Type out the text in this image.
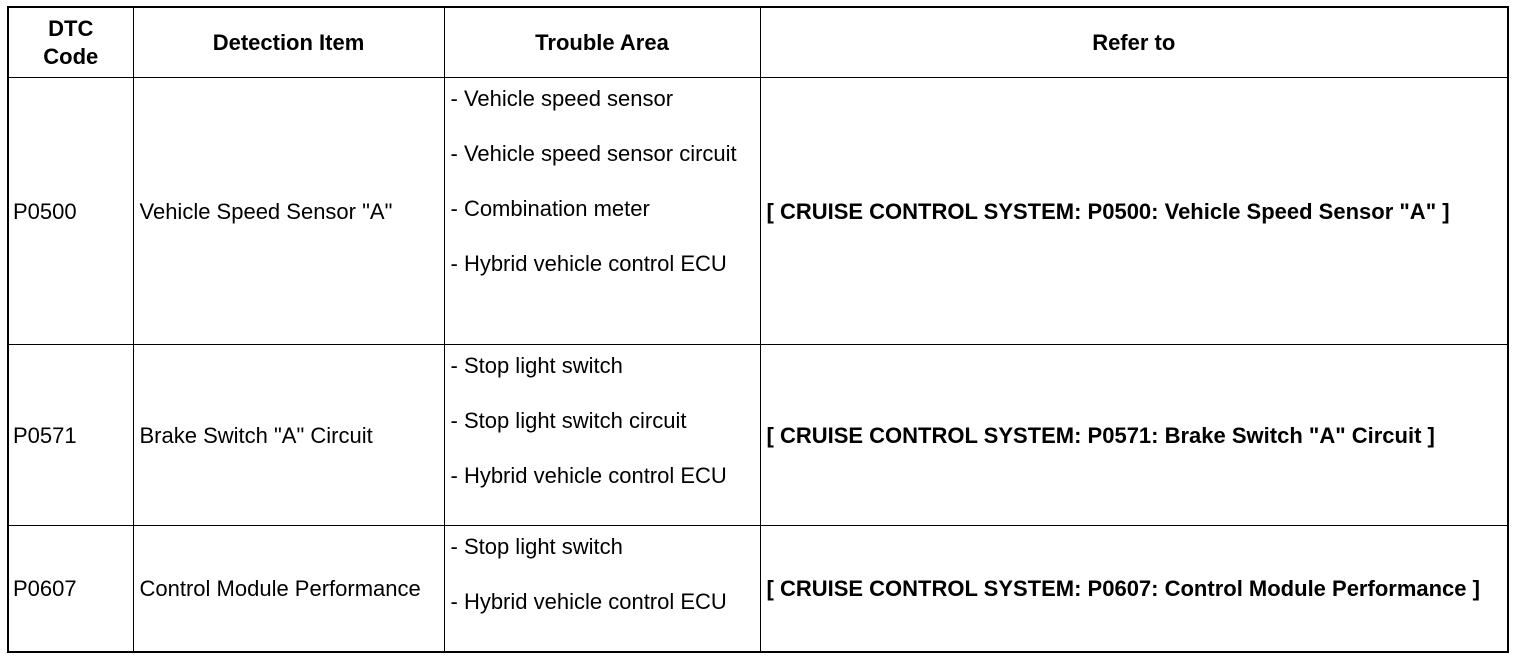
DTC Code	Detection Item	Trouble Area	Refer to
P0500	Vehicle Speed Sensor "A"	- Vehicle speed sensor
- Vehicle speed sensor circuit
- Combination meter
- Hybrid vehicle control ECU	[ CRUISE CONTROL SYSTEM: P0500: Vehicle Speed Sensor "A" ]
P0571	Brake Switch "A" Circuit	- Stop light switch
- Stop light switch circuit
- Hybrid vehicle control ECU	[ CRUISE CONTROL SYSTEM: P0571: Brake Switch "A" Circuit ]
P0607	Control Module Performance	- Stop light switch
- Hybrid vehicle control ECU	[ CRUISE CONTROL SYSTEM: P0607: Control Module Performance ]
